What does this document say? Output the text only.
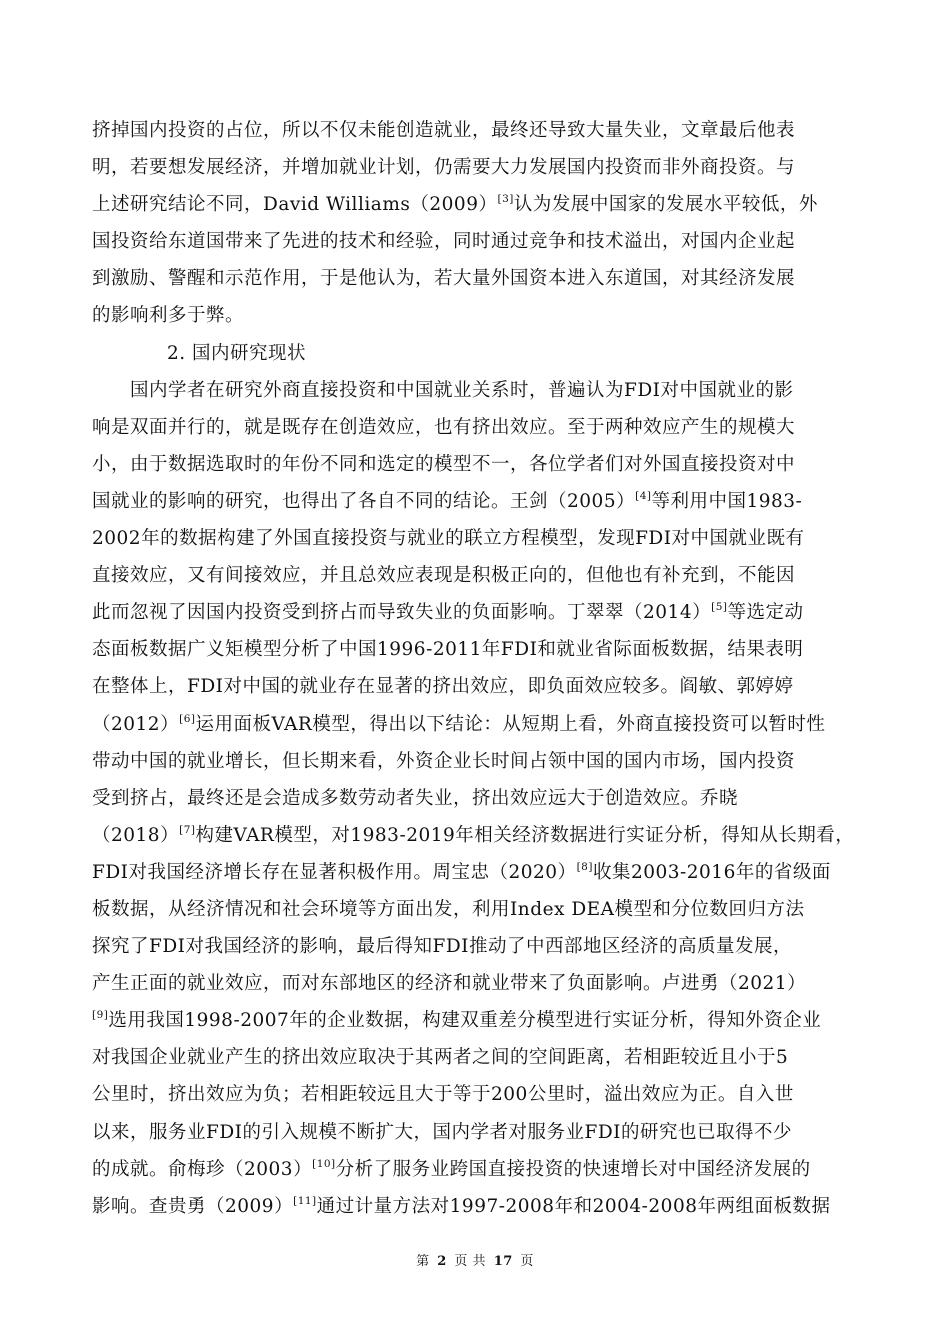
挤掉国内投资的占位，所以不仅未能创造就业，最终还导致大量失业，文章最后他表
明，若要想发展经济，并增加就业计划，仍需要大力发展国内投资而非外商投资。与
上述研究结论不同，David Williams（2009）[3]认为发展中国家的发展水平较低，外
国投资给东道国带来了先进的技术和经验，同时通过竞争和技术溢出，对国内企业起
到激励、警醒和示范作用，于是他认为，若大量外国资本进入东道国，对其经济发展
的影响利多于弊。
2. 国内研究现状
国内学者在研究外商直接投资和中国就业关系时，普遍认为FDI对中国就业的影
响是双面并行的，就是既存在创造效应，也有挤出效应。至于两种效应产生的规模大
小，由于数据选取时的年份不同和选定的模型不一，各位学者们对外国直接投资对中
国就业的影响的研究，也得出了各自不同的结论。王剑（2005）[4]等利用中国1983-
2002年的数据构建了外国直接投资与就业的联立方程模型，发现FDI对中国就业既有
直接效应，又有间接效应，并且总效应表现是积极正向的，但他也有补充到，不能因
此而忽视了因国内投资受到挤占而导致失业的负面影响。丁翠翠（2014）[5]等选定动
态面板数据广义矩模型分析了中国1996-2011年FDI和就业省际面板数据，结果表明
在整体上，FDI对中国的就业存在显著的挤出效应，即负面效应较多。阎敏、郭婷婷
（2012）[6]运用面板VAR模型，得出以下结论：从短期上看，外商直接投资可以暂时性
带动中国的就业增长，但长期来看，外资企业长时间占领中国的国内市场，国内投资
受到挤占，最终还是会造成多数劳动者失业，挤出效应远大于创造效应。乔晓
（2018）[7]构建VAR模型，对1983-2019年相关经济数据进行实证分析，得知从长期看，
FDI对我国经济增长存在显著积极作用。周宝忠（2020）[8]收集2003-2016年的省级面
板数据，从经济情况和社会环境等方面出发，利用Index DEA模型和分位数回归方法
探究了FDI对我国经济的影响，最后得知FDI推动了中西部地区经济的高质量发展，
产生正面的就业效应，而对东部地区的经济和就业带来了负面影响。卢进勇（2021）
[9]选用我国1998-2007年的企业数据，构建双重差分模型进行实证分析，得知外资企业
对我国企业就业产生的挤出效应取决于其两者之间的空间距离，若相距较近且小于5
公里时，挤出效应为负；若相距较远且大于等于200公里时，溢出效应为正。自入世
以来，服务业FDI的引入规模不断扩大，国内学者对服务业FDI的研究也已取得不少
的成就。俞梅珍（2003）[10]分析了服务业跨国直接投资的快速增长对中国经济发展的
影响。查贵勇（2009）[11]通过计量方法对1997-2008年和2004-2008年两组面板数据
第 2 页 共 17 页
